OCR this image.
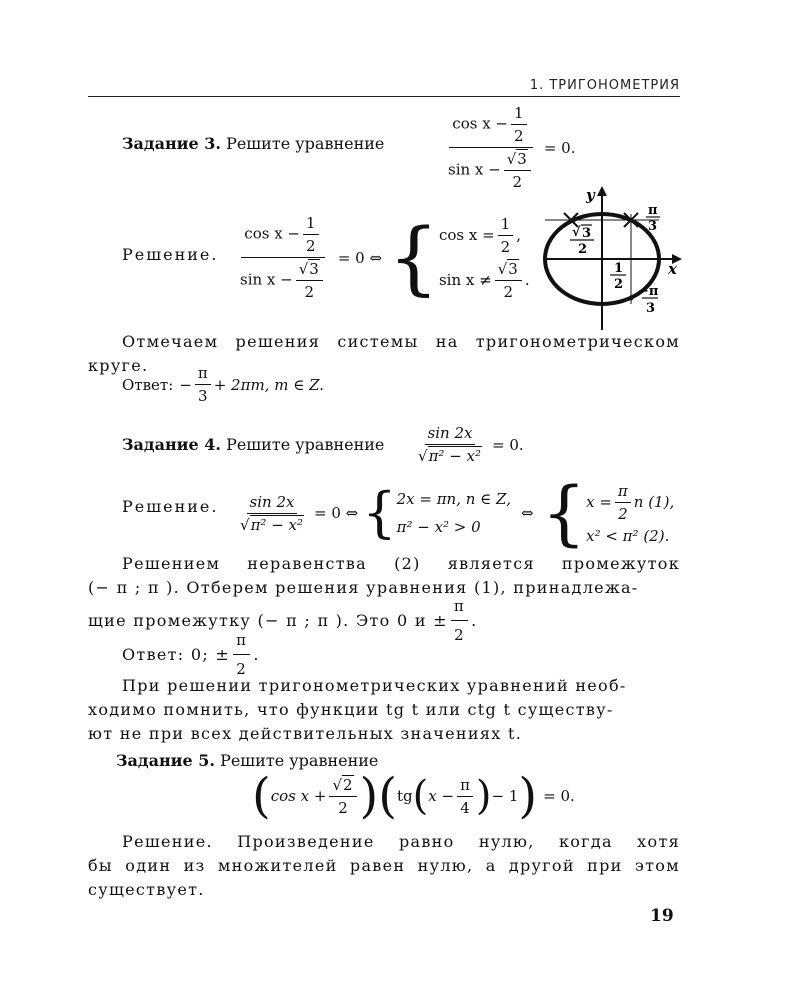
1. ТРИГОНОМЕТРИЯ
Задание 3. Решите уравнение	$\frac{\cos x - \frac{1}{2}}{\sin x - \frac{√3}{2}} = 0$.
Решение. $\frac{\cos x - \frac{1}{2}}{\sin x - \frac{√3}{2}} = 0$ ⇔ { $\cos x = \frac{1}{2}$ ,
$\sin x \ne \frac{√3}{2}$ .
y
x
π
3
−π
3
√ 3
2
1
2
Отмечаем решения системы на тригонометрическом круге.
Ответ: − $\frac{\pi}{3} + 2\pi m$, m ∈ Z.
Задание 4. Решите уравнение $\frac{\sin 2x}{\text{√π² − x²}} = 0$.
Решение. $\frac{\sin 2x}{\text{√π² − x²}} = 0$ ⇔ { 2x = πn, n ∈ Z,
π² − x² > 0
⇔ { $x = \frac{\pi}{2}$ n (1),
x² < π² (2).
Решением неравенства (2) является промежуток
(− π ; π ). Отберем решения уравнения (1), принадлежа-
щие промежутку (− π ; π ). Это 0 $и \pm \frac{\pi}{2}$ .
Ответ: 0; ± $\frac{\pi}{2}$ .
При решении тригонометрических уравнений необ-
ходимо помнить, что функции tg t или ctg t существу-
ют не при всех действительных значениях t.
Задание 5. Решите уравнение
( $\cos x + \frac{√2}{2}$ ) ( tg ( $x - \frac{\pi}{4}$ ) − 1 ) = 0.
Решение. Произведение равно нулю, когда хотя
бы один из множителей равен нулю, а другой при этом
существует.
19
